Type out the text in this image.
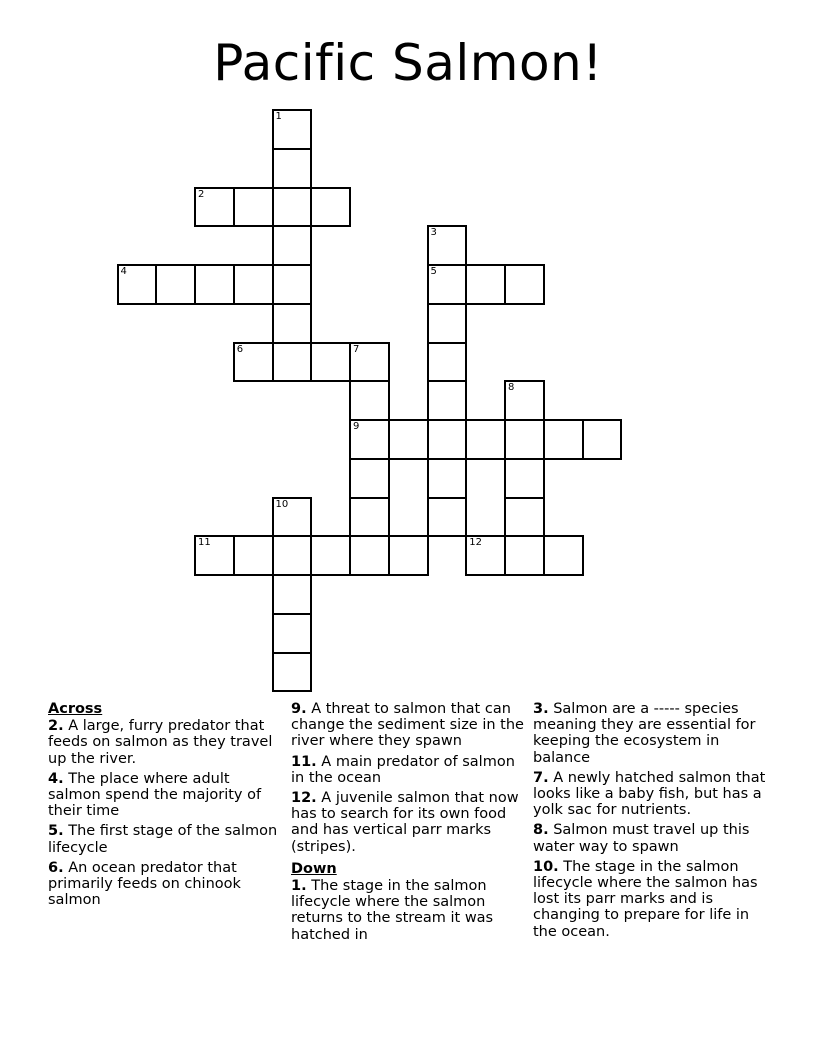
Pacific Salmon!
1
2
3
5
4
6	7
9
8
10
11	12
Across
2. A large, furry predator that feeds on salmon as they travel up the river.
4. The place where adult salmon spend the majority of their time
5. The first stage of the salmon lifecycle
6. An ocean predator that primarily feeds on chinook salmon
9. A threat to salmon that can change the sediment size in the river where they spawn
11. A main predator of salmon in the ocean
12. A juvenile salmon that now has to search for its own food and has vertical parr marks (stripes).
Down
1. The stage in the salmon lifecycle where the salmon returns to the stream it was hatched in
3. Salmon are a ----- species meaning they are essential for keeping the ecosystem in balance
7. A newly hatched salmon that looks like a baby fish, but has a yolk sac for nutrients.
8. Salmon must travel up this water way to spawn
10. The stage in the salmon lifecycle where the salmon has lost its parr marks and is changing to prepare for life in the ocean.
